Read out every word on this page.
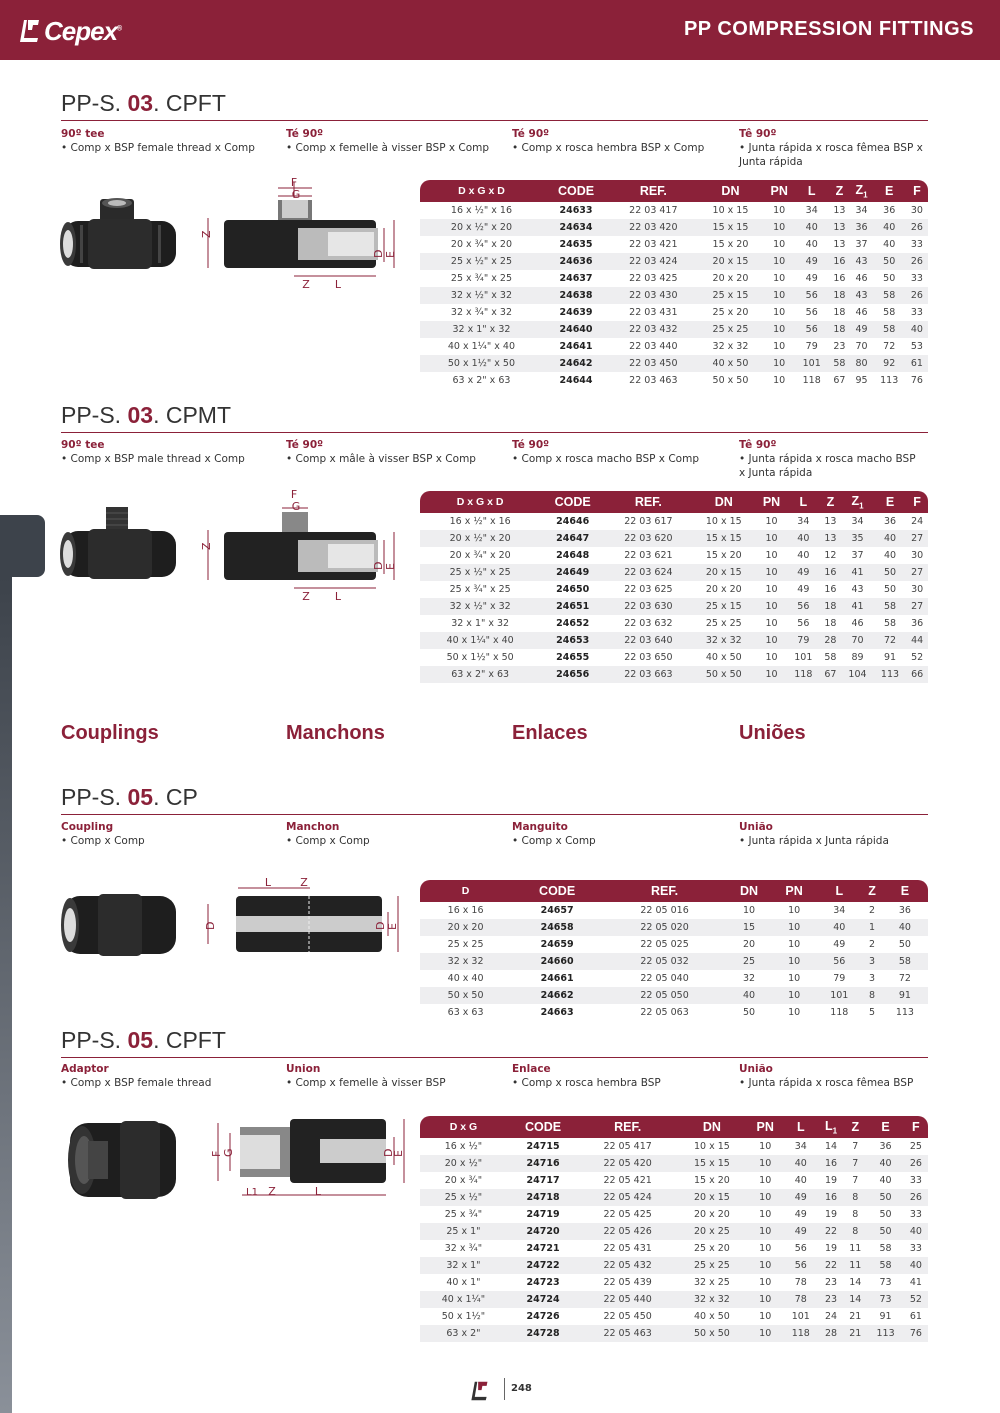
Cepex®	PP COMPRESSION FITTINGS
PP-S. 03. CPFT
90º tee
• Comp x BSP female thread x Comp
Té 90º
• Comp x femelle à visser BSP x Comp
Té 90º
• Comp x rosca hembra BSP x Comp
Tê 90º
• Junta rápida x rosca fêmea BSP x Junta rápida
F
G
Z
D E
Z L
D x G x D	CODE	REF.	DN	PN	L	Z	$Z_1$	E	F
16 x ½" x 16	24633	22 03 417	10 x 15	10	34	13	34	36	30
20 x ½" x 20	24634	22 03 420	15 x 15	10	40	13	36	40	26
20 x ¾" x 20	24635	22 03 421	15 x 20	10	40	13	37	40	33
25 x ½" x 25	24636	22 03 424	20 x 15	10	49	16	43	50	26
25 x ¾" x 25	24637	22 03 425	20 x 20	10	49	16	46	50	33
32 x ½" x 32	24638	22 03 430	25 x 15	10	56	18	43	58	26
32 x ¾" x 32	24639	22 03 431	25 x 20	10	56	18	46	58	33
32 x 1" x 32	24640	22 03 432	25 x 25	10	56	18	49	58	40
40 x 1¼" x 40	24641	22 03 440	32 x 32	10	79	23	70	72	53
50 x 1½" x 50	24642	22 03 450	40 x 50	10	101	58	80	92	61
63 x 2" x 63	24644	22 03 463	50 x 50	10	118	67	95	113	76
PP-S. 03. CPMT
90º tee
• Comp x BSP male thread x Comp
Té 90º
• Comp x mâle à visser BSP x Comp
Té 90º
• Comp x rosca macho BSP x Comp
Tê 90º
• Junta rápida x rosca macho BSP x Junta rápida
F
G
Z
D E
Z L
D x G x D	CODE	REF.	DN	PN	L	Z	$Z_1$	E	F
16 x ½" x 16	24646	22 03 617	10 x 15	10	34	13	34	36	24
20 x ½" x 20	24647	22 03 620	15 x 15	10	40	13	35	40	27
20 x ¾" x 20	24648	22 03 621	15 x 20	10	40	12	37	40	30
25 x ½" x 25	24649	22 03 624	20 x 15	10	49	16	41	50	27
25 x ¾" x 25	24650	22 03 625	20 x 20	10	49	16	43	50	30
32 x ½" x 32	24651	22 03 630	25 x 15	10	56	18	41	58	27
32 x 1" x 32	24652	22 03 632	25 x 25	10	56	18	46	58	36
40 x 1¼" x 40	24653	22 03 640	32 x 32	10	79	28	70	72	44
50 x 1½" x 50	24655	22 03 650	40 x 50	10	101	58	89	91	52
63 x 2" x 63	24656	22 03 663	50 x 50	10	118	67	104	113	66
Couplings	Manchons	Enlaces	Uniões
PP-S. 05. CP
Coupling
• Comp x Comp
Manchon
• Comp x Comp
Manguito
• Comp x Comp
União
• Junta rápida x Junta rápida
L	Z
D	D E
D	CODE	REF.	DN	PN	L	Z	E
16 x 16	24657	22 05 016	10	10	34	2	36
20 x 20	24658	22 05 020	15	10	40	1	40
25 x 25	24659	22 05 025	20	10	49	2	50
32 x 32	24660	22 05 032	25	10	56	3	58
40 x 40	24661	22 05 040	32	10	79	3	72
50 x 50	24662	22 05 050	40	10	101	8	91
63 x 63	24663	22 05 063	50	10	118	5	113
PP-S. 05. CPFT
Adaptor
• Comp x BSP female thread
Union
• Comp x femelle à visser BSP
Enlace
• Comp x rosca hembra BSP
União
• Junta rápida x rosca fêmea BSP
F G	D
E
L1 Z	L
D x G	CODE	REF.	DN	PN	L	$L_1$	Z	E	F
16 x ½"	24715	22 05 417	10 x 15	10	34	14	7	36	25
20 x ½"	24716	22 05 420	15 x 15	10	40	16	7	40	26
20 x ¾"	24717	22 05 421	15 x 20	10	40	19	7	40	33
25 x ½"	24718	22 05 424	20 x 15	10	49	16	8	50	26
25 x ¾"	24719	22 05 425	20 x 20	10	49	19	8	50	33
25 x 1"	24720	22 05 426	20 x 25	10	49	22	8	50	40
32 x ¾"	24721	22 05 431	25 x 20	10	56	19	11	58	33
32 x 1"	24722	22 05 432	25 x 25	10	56	22	11	58	40
40 x 1"	24723	22 05 439	32 x 25	10	78	23	14	73	41
40 x 1¼"	24724	22 05 440	32 x 32	10	78	23	14	73	52
50 x 1½"	24726	22 05 450	40 x 50	10	101	24	21	91	61
63 x 2"	24728	22 05 463	50 x 50	10	118	28	21	113	76
248
